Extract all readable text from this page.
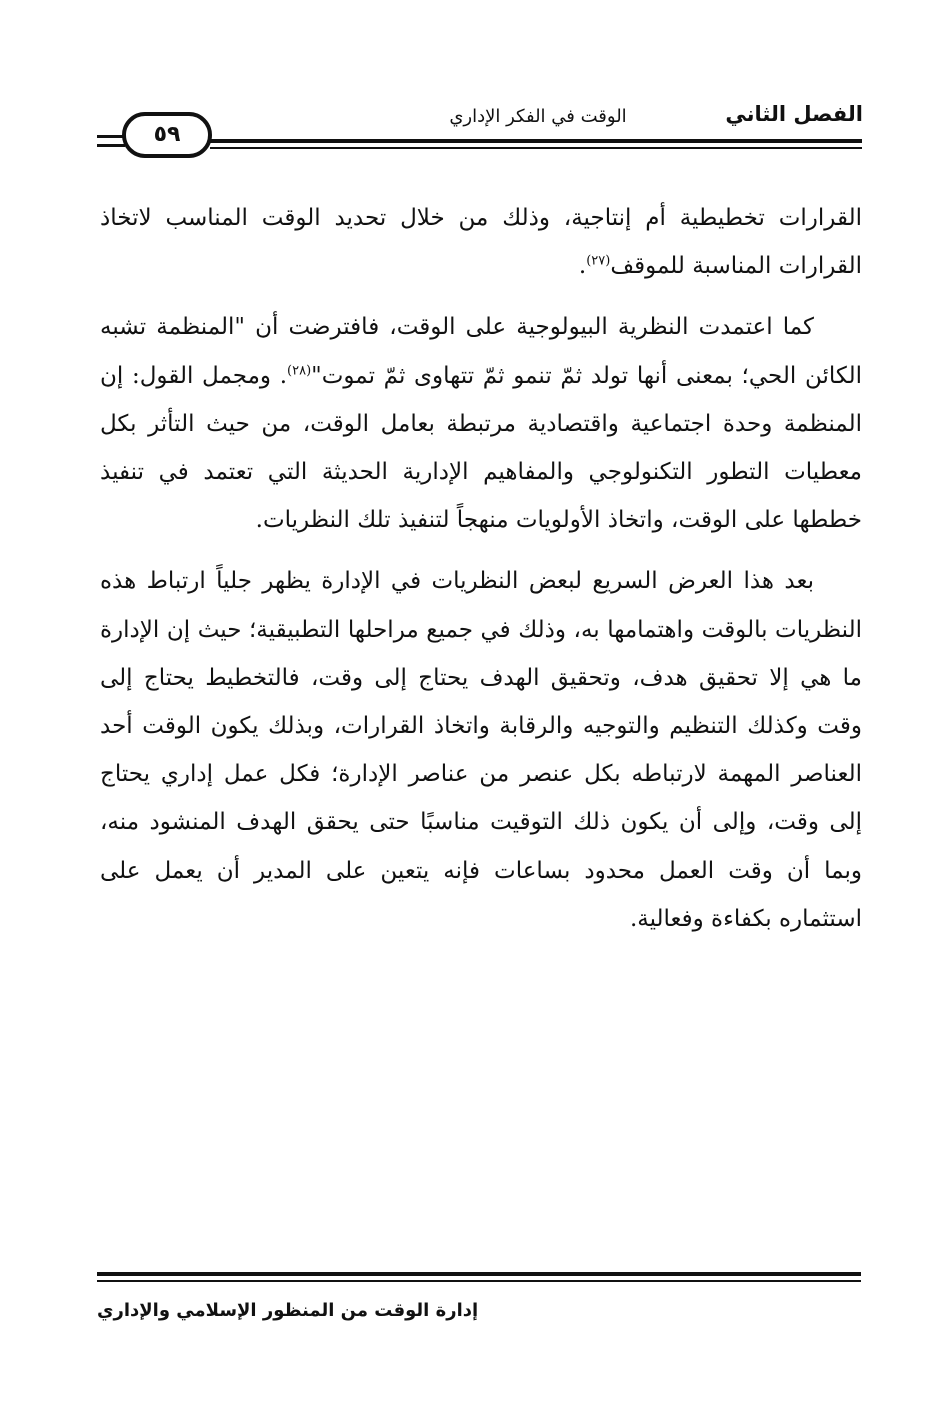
الفصل الثاني
الوقت في الفكر الإداري
٥٩

القرارات تخطيطية أم إنتاجية، وذلك من خلال تحديد الوقت المناسب لاتخاذ القرارات المناسبة للموقف$^{(٢٧)}$.

كما اعتمدت النظرية البيولوجية على الوقت، فافترضت أن "المنظمة تشبه الكائن الحي؛ بمعنى أنها تولد ثمّ تنمو ثمّ تتهاوى ثمّ تموت"$^{(٢٨)}$. ومجمل القول: إن المنظمة وحدة اجتماعية واقتصادية مرتبطة بعامل الوقت، من حيث التأثر بكل معطيات التطور التكنولوجي والمفاهيم الإدارية الحديثة التي تعتمد في تنفيذ خططها على الوقت، واتخاذ الأولويات منهجاً لتنفيذ تلك النظريات.

بعد هذا العرض السريع لبعض النظريات في الإدارة يظهر جلياً ارتباط هذه النظريات بالوقت واهتمامها به، وذلك في جميع مراحلها التطبيقية؛ حيث إن الإدارة ما هي إلا تحقيق هدف، وتحقيق الهدف يحتاج إلى وقت، فالتخطيط يحتاج إلى وقت وكذلك التنظيم والتوجيه والرقابة واتخاذ القرارات، وبذلك يكون الوقت أحد العناصر المهمة لارتباطه بكل عنصر من عناصر الإدارة؛ فكل عمل إداري يحتاج إلى وقت، وإلى أن يكون ذلك التوقيت مناسبًا حتى يحقق الهدف المنشود منه، وبما أن وقت العمل محدود بساعات فإنه يتعين على المدير أن يعمل على استثماره بكفاءة وفعالية.

إدارة الوقت من المنظور الإسلامي والإداري
